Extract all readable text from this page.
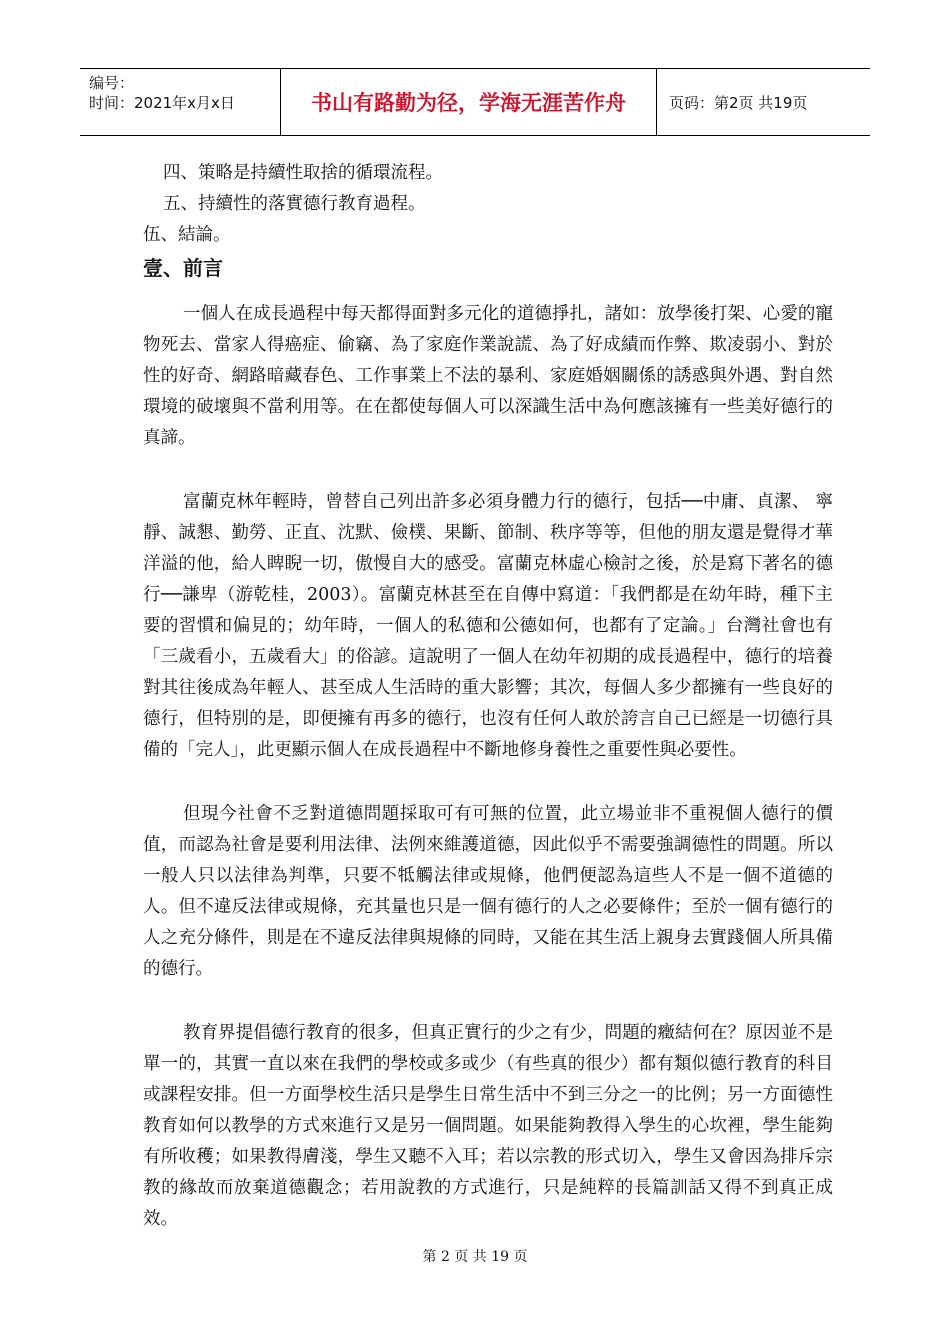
编号：
时间：2021年x月x日	书山有路勤为径，学海无涯苦作舟	页码：第2页 共19页

四、策略是持續性取捨的循環流程。

五、持續性的落實德行教育過程。

伍、結論。

壹、前言

一個人在成長過程中每天都得面對多元化的道德掙扎，諸如：放學後打架、心愛的寵物死去、當家人得癌症、偷竊、為了家庭作業說謊、為了好成績而作弊、欺凌弱小、對於性的好奇、網路暗藏春色、工作事業上不法的暴利、家庭婚姻關係的誘惑與外遇、對自然環境的破壞與不當利用等。在在都使每個人可以深識生活中為何應該擁有一些美好德行的真諦。

富蘭克林年輕時，曾替自己列出許多必須身體力行的德行，包括──中庸、貞潔、 寧靜、誠懇、勤勞、正直、沈默、儉樸、果斷、節制、秩序等等，但他的朋友還是覺得才華洋溢的他，給人睥睨一切，傲慢自大的感受。富蘭克林虛心檢討之後，於是寫下著名的德行──謙卑（游乾桂，2003）。富蘭克林甚至在自傳中寫道：「我們都是在幼年時，種下主要的習慣和偏見的；幼年時，一個人的私德和公德如何，也都有了定論。」台灣社會也有「三歲看小，五歲看大」的俗諺。這說明了一個人在幼年初期的成長過程中，德行的培養對其往後成為年輕人、甚至成人生活時的重大影響；其次，每個人多少都擁有一些良好的德行，但特別的是，即便擁有再多的德行，也沒有任何人敢於誇言自己已經是一切德行具備的「完人」，此更顯示個人在成長過程中不斷地修身養性之重要性與必要性。

但現今社會不乏對道德問題採取可有可無的位置，此立場並非不重視個人德行的價值，而認為社會是要利用法律、法例來維護道德，因此似乎不需要強調德性的問題。所以一般人只以法律為判準，只要不牴觸法律或規條，他們便認為這些人不是一個不道德的人。但不違反法律或規條，充其量也只是一個有德行的人之必要條件；至於一個有德行的人之充分條件，則是在不違反法律與規條的同時，又能在其生活上親身去實踐個人所具備的德行。

教育界提倡德行教育的很多，但真正實行的少之有少，問題的癥結何在？原因並不是單一的，其實一直以來在我們的學校或多或少（有些真的很少）都有類似德行教育的科目或課程安排。但一方面學校生活只是學生日常生活中不到三分之一的比例；另一方面德性教育如何以教學的方式來進行又是另一個問題。如果能夠教得入學生的心坎裡，學生能夠有所收穫；如果教得膚淺，學生又聽不入耳；若以宗教的形式切入，學生又會因為排斥宗教的緣故而放棄道德觀念；若用說教的方式進行，只是純粹的長篇訓話又得不到真正成效。

第 2 页 共 19 页
